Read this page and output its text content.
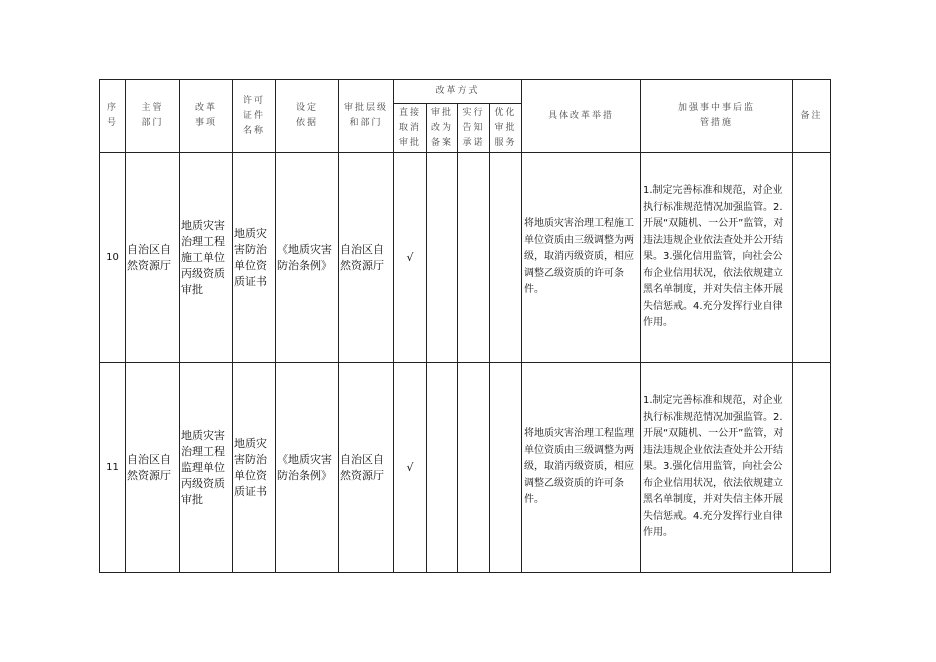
序号	主管部门	改革事项	许可证件名称	设定依据	审批层级和部门	改革方式				具体改革举措	加强事中事后监管措施	备注
						直接取消审批	审批改为备案	实行告知承诺	优化审批服务			
10	自治区自然资源厅	地质灾害治理工程施工单位丙级资质审批	地质灾害防治单位资质证书	《地质灾害防治条例》	自治区自然资源厅	√				将地质灾害治理工程施工单位资质由三级调整为两级，取消丙级资质，相应调整乙级资质的许可条件。	1.制定完善标准和规范，对企业执行标准规范情况加强监管。2.开展“双随机、一公开”监管，对违法违规企业依法查处并公开结果。3.强化信用监管，向社会公布企业信用状况，依法依规建立黑名单制度，并对失信主体开展失信惩戒。4.充分发挥行业自律作用。	
11	自治区自然资源厅	地质灾害治理工程监理单位丙级资质审批	地质灾害防治单位资质证书	《地质灾害防治条例》	自治区自然资源厅	√				将地质灾害治理工程监理单位资质由三级调整为两级，取消丙级资质，相应调整乙级资质的许可条件。	1.制定完善标准和规范，对企业执行标准规范情况加强监管。2.开展“双随机、一公开”监管，对违法违规企业依法查处并公开结果。3.强化信用监管，向社会公布企业信用状况，依法依规建立黑名单制度，并对失信主体开展失信惩戒。4.充分发挥行业自律作用。	
